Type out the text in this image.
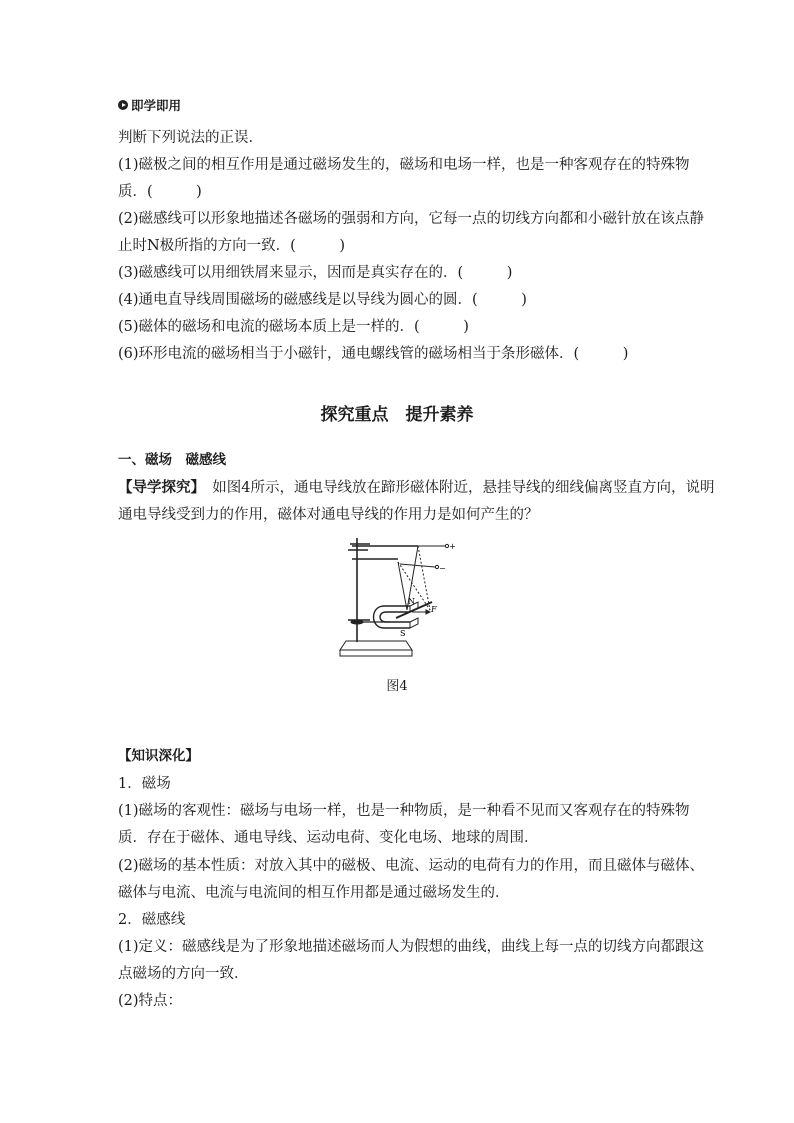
即学即用
判断下列说法的正误．
(1)磁极之间的相互作用是通过磁场发生的，磁场和电场一样，也是一种客观存在的特殊物
质．(　　　)
(2)磁感线可以形象地描述各磁场的强弱和方向，它每一点的切线方向都和小磁针放在该点静
止时N极所指的方向一致．(　　　)
(3)磁感线可以用细铁屑来显示，因而是真实存在的．(　　　)
(4)通电直导线周围磁场的磁感线是以导线为圆心的圆．(　　　)
(5)磁体的磁场和电流的磁场本质上是一样的．(　　　)
(6)环形电流的磁场相当于小磁针，通电螺线管的磁场相当于条形磁体．(　　　)
探究重点　提升素养
一、磁场　磁感线
【导学探究】　如图4所示，通电导线放在蹄形磁体附近，悬挂导线的细线偏离竖直方向，说明
通电导线受到力的作用，磁体对通电导线的作用力是如何产生的？
+
−
N
S
F
图4
【知识深化】
1．磁场
(1)磁场的客观性：磁场与电场一样，也是一种物质，是一种看不见而又客观存在的特殊物
质．存在于磁体、通电导线、运动电荷、变化电场、地球的周围．
(2)磁场的基本性质：对放入其中的磁极、电流、运动的电荷有力的作用，而且磁体与磁体、
磁体与电流、电流与电流间的相互作用都是通过磁场发生的．
2．磁感线
(1)定义：磁感线是为了形象地描述磁场而人为假想的曲线，曲线上每一点的切线方向都跟这
点磁场的方向一致．
(2)特点：
